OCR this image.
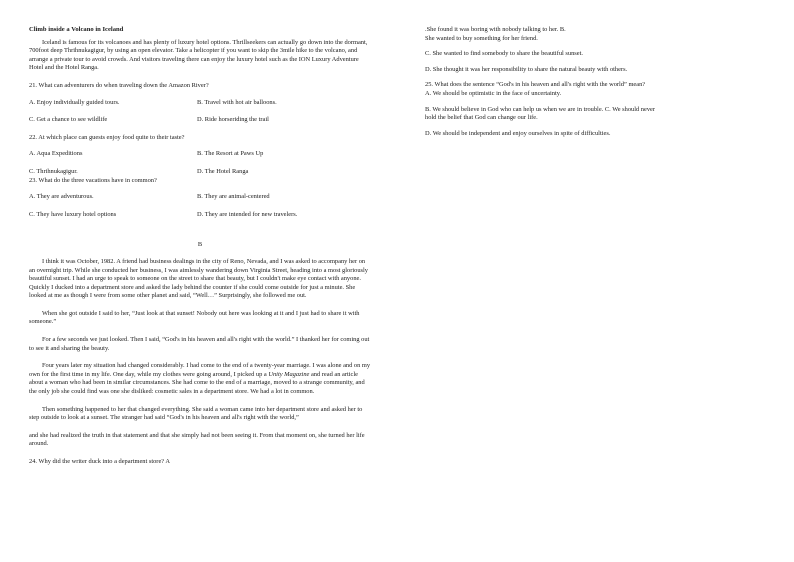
Climb inside a Volcano in Iceland

Iceland is famous for its volcanoes and has plenty of luxury hotel options. Thrillseekers can actually go down into the dormant, 700foot deep Thrihnukagigur, by using an open elevator. Take a helicopter if you want to skip the 3mile hike to the volcano, and arrange a private tour to avoid crowds. And visitors traveling there can enjoy the luxury hotel such as the ION Luxury Adventure Hotel and the Hotel Ranga.

21. What can adventurers do when traveling down the Amazon River?

A. Enjoy individually guided tours.	B. Travel with hot air balloons.
C. Get a chance to see wildlife	D. Ride horseriding the trail

22. At which place can guests enjoy food quite to their taste?

A. Aqua Expeditions	B. The Resort at Paws Up
C. Thrihnukagigur.	D. The Hotel Ranga

23. What do the three vacations have in common?

A. They are adventurous.	B. They are animal-centered
C. They have luxury hotel options	D. They are intended for new travelers.

B

I think it was October, 1982. A friend had business dealings in the city of Reno, Nevada, and I was asked to accompany her on an overnight trip. While she conducted her business, I was aimlessly wandering down Virginia Street, heading into a most gloriously beautiful sunset. I had an urge to speak to someone on the street to share that beauty, but I couldn't make eye contact with anyone. Quickly I ducked into a department store and asked the lady behind the counter if she could come outside for just a minute. She looked at me as though I were from some other planet and said, “Well…” Surprisingly, she followed me out.

When she got outside I said to her, “Just look at that sunset! Nobody out here was looking at it and I just had to share it with someone.”

For a few seconds we just looked. Then I said, “God's in his heaven and all's right with the world.” I thanked her for coming out to see it and sharing the beauty.

Four years later my situation had changed considerably. I had come to the end of a twenty-year marriage. I was alone and on my own for the first time in my life. One day, while my clothes were going around, I picked up a Unity Magazine and read an article about a woman who had been in similar circumstances. She had come to the end of a marriage, moved to a strange community, and the only job she could find was one she disliked: cosmetic sales in a department store. We had a lot in common.

Then something happened to her that changed everything. She said a woman came into her department store and asked her to step outside to look at a sunset. The stranger had said “God's in his heaven and all's right with the world,”

and she had realized the truth in that statement and that she simply had not been seeing it. From that moment on, she turned her life around.

24. Why did the writer duck into a department store? A

.She found it was boring with nobody talking to her. B.

She wanted to buy something for her friend.

C. She wanted to find somebody to share the beautiful sunset.

D. She thought it was her responsibility to share the natural beauty with others.

25. What does the sentence “God's in his heaven and all's right with the world” mean?

A. We should be optimistic in the face of uncertainty.

B. We should believe in God who can help us when we are in trouble. C. We should never hold the belief that God can change our life.

D. We should be independent and enjoy ourselves in spite of difficulties.
